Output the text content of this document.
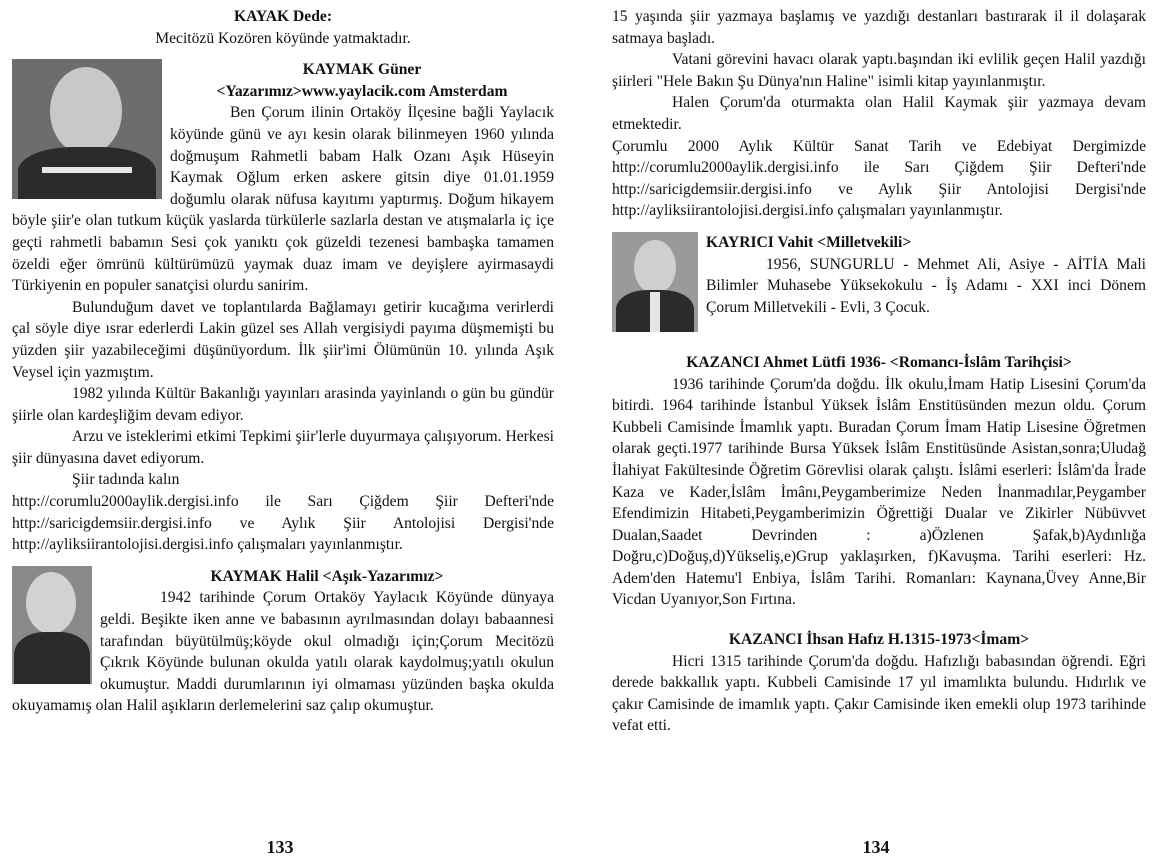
KAYAK Dede:

Mecitözü Kozören köyünde yatmaktadır.

KAYMAK Güner

<Yazarımız>www.yaylacik.com Amsterdam

Ben Çorum ilinin Ortaköy İlçesine bağli Yaylacık köyünde günü ve ayı kesin olarak bilinmeyen 1960 yılında doğmuşum Rahmetli babam Halk Ozanı Aşık Hüseyin Kaymak Oğlum erken askere gitsin diye 01.01.1959 doğumlu olarak nüfusa kayıtımı yaptırmış. Doğum hikayem böyle şiir'e olan tutkum küçük yaslarda türkülerle sazlarla destan ve atışmalarla iç içe geçti rahmetli babamın Sesi çok yanıktı çok güzeldi tezenesi bambaşka tamamen özeldi eğer ömrünü kültürümüzü yaymak duaz imam ve deyişlere ayirmasaydi Türkiyenin en populer sanatçisi olurdu sanirim.

Bulunduğum davet ve toplantılarda Bağlamayı getirir kucağıma verirlerdi çal söyle diye ısrar ederlerdi Lakin güzel ses Allah vergisiydi payıma düşmemişti bu yüzden şiir yazabileceğimi düşünüyordum. İlk şiir'imi Ölümünün 10. yılında Aşık Veysel için yazmıştım.

1982 yılında Kültür Bakanlığı yayınları arasinda yayinlandı o gün bu gündür şiirle olan kardeşliğim devam ediyor.

Arzu ve isteklerimi etkimi Tepkimi şiir'lerle duyurmaya çalışıyorum. Herkesi şiir dünyasına davet ediyorum.

Şiir tadında kalın

http://corumlu2000aylik.dergisi.info ile Sarı Çiğdem Şiir Defteri'nde http://saricigdemsiir.dergisi.info ve Aylık Şiir Antolojisi Dergisi'nde http://ayliksiirantolojisi.dergisi.info çalışmaları yayınlanmıştır.

KAYMAK Halil <Aşık-Yazarımız>

1942 tarihinde Çorum Ortaköy Yaylacık Köyünde dünyaya geldi. Beşikte iken anne ve babasının ayrılmasından dolayı babaannesi tarafından büyütülmüş;köyde okul olmadığı için;Çorum Mecitözü Çıkrık Köyünde bulunan okulda yatılı olarak kaydolmuş;yatılı okulun okumuştur. Maddi durumlarının iyi olmaması yüzünden başka okulda okuyamamış olan Halil aşıkların derlemelerini saz çalıp okumuştur.

133

15 yaşında şiir yazmaya başlamış ve yazdığı destanları bastırarak il il dolaşarak satmaya başladı.

Vatani görevini havacı olarak yaptı.başından iki evlilik geçen Halil yazdığı şiirleri "Hele Bakın Şu Dünya'nın Haline" isimli kitap yayınlanmıştır.

Halen Çorum'da oturmakta olan Halil Kaymak şiir yazmaya devam etmektedir.

Çorumlu 2000 Aylık Kültür Sanat Tarih ve Edebiyat Dergimizde http://corumlu2000aylik.dergisi.info ile Sarı Çiğdem Şiir Defteri'nde http://saricigdemsiir.dergisi.info ve Aylık Şiir Antolojisi Dergisi'nde http://ayliksiirantolojisi.dergisi.info çalışmaları yayınlanmıştır.

KAYRICI Vahit <Milletvekili>

1956, SUNGURLU - Mehmet Ali, Asiye - AİTİA Mali Bilimler Muhasebe Yüksekokulu - İş Adamı - XXI inci Dönem Çorum Milletvekili - Evli, 3 Çocuk.

KAZANCI Ahmet Lütfi 1936- <Romancı-İslâm Tarihçisi>

1936 tarihinde Çorum'da doğdu. İlk okulu,İmam Hatip Lisesini Çorum'da bitirdi. 1964 tarihinde İstanbul Yüksek İslâm Enstitüsünden mezun oldu. Çorum Kubbeli Camisinde İmamlık yaptı. Buradan Çorum İmam Hatip Lisesine Öğretmen olarak geçti.1977 tarihinde Bursa Yüksek İslâm Enstitüsünde Asistan,sonra;Uludağ İlahiyat Fakültesinde Öğretim Görevlisi olarak çalıştı. İslâmi eserleri: İslâm'da İrade Kaza ve Kader,İslâm İmânı,Peygamberimize Neden İnanmadılar,Peygamber Efendimizin Hitabeti,Peygamberimizin Öğrettiği Dualar ve Zikirler Nübüvvet Dualan,Saadet Devrinden : a)Özlenen Şafak,b)Aydınlığa Doğru,c)Doğuş,d)Yükseliş,e)Grup yaklaşırken, f)Kavuşma. Tarihi eserleri: Hz. Adem'den Hatemu'l Enbiya, İslâm Tarihi. Romanları: Kaynana,Üvey Anne,Bir Vicdan Uyanıyor,Son Fırtına.

KAZANCI İhsan Hafız H.1315-1973<İmam>

Hicri 1315 tarihinde Çorum'da doğdu. Hafızlığı babasından öğrendi. Eğri derede bakkallık yaptı. Kubbeli Camisinde 17 yıl imamlıkta bulundu. Hıdırlık ve çakır Camisinde de imamlık yaptı. Çakır Camisinde iken emekli olup 1973 tarihinde vefat etti.

134
